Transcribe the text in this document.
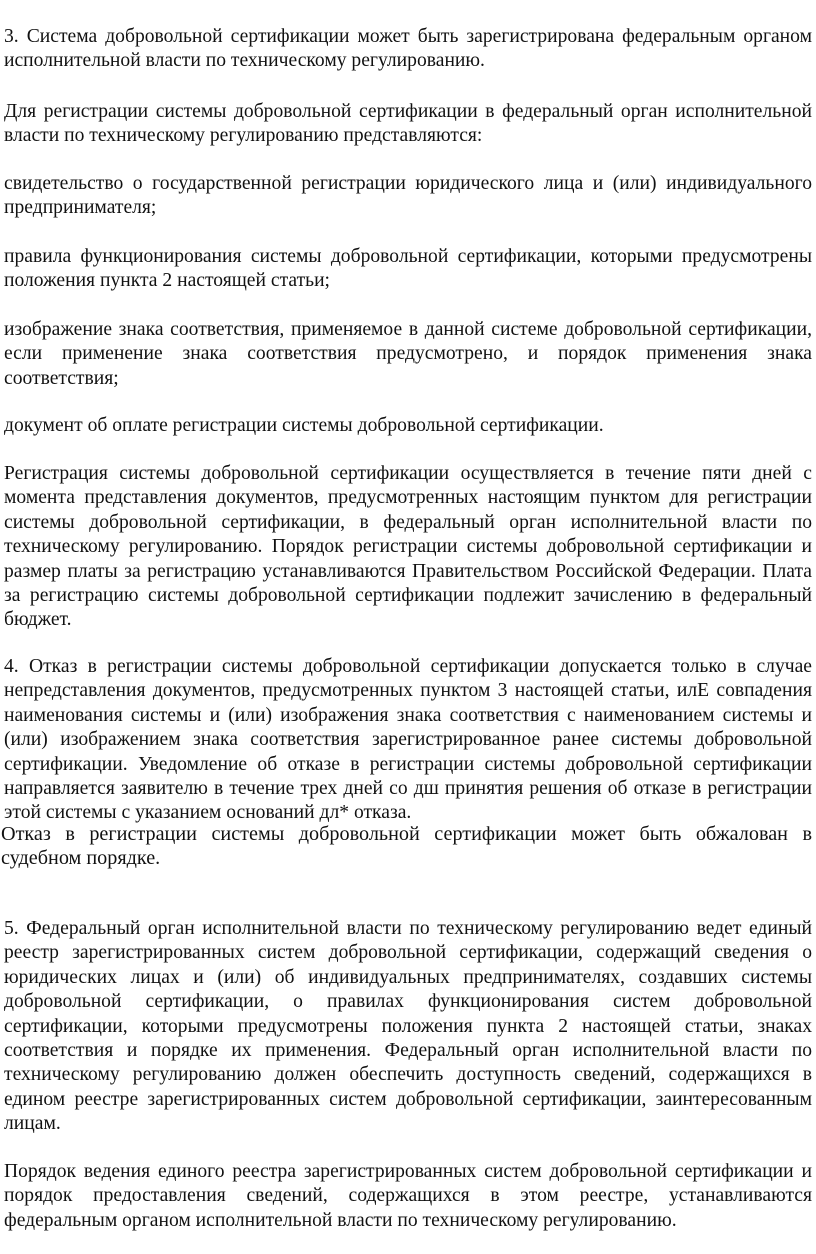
3. Система добровольной сертификации может быть зарегистрирована федеральным органом исполнительной власти по техническому регулированию.

Для регистрации системы добровольной сертификации в федеральный орган исполнительной власти по техническому регулированию представляются:

свидетельство о государственной регистрации юридического лица и (или) индивидуального предпринимателя;

правила функционирования системы добровольной сертификации, которыми предусмотрены положения пункта 2 настоящей статьи;

изображение знака соответствия, применяемое в данной системе добровольной сертификации, если применение знака соответствия предусмотрено, и порядок применения знака соответствия;

документ об оплате регистрации системы добровольной сертификации.

Регистрация системы добровольной сертификации осуществляется в течение пяти дней с момента представления документов, предусмотренных настоящим пунктом для регистрации системы добровольной сертификации, в федеральный орган исполнительной власти по техническому регулированию. Порядок регистрации системы добровольной сертификации и размер платы за регистрацию устанавливаются Правительством Российской Федерации. Плата за регистрацию системы добровольной сертификации подлежит зачислению в федеральный бюджет.

4. Отказ в регистрации системы добровольной сертификации допускается только в случае непредставления документов, предусмотренных пунктом 3 настоящей статьи, илЕ совпадения наименования системы и (или) изображения знака соответствия с наименованием системы и (или) изображением знака соответствия зарегистрированное ранее системы добровольной сертификации. Уведомление об отказе в регистрации системы добровольной сертификации направляется заявителю в течение трех дней со дш принятия решения об отказе в регистрации этой системы с указанием оснований дл* отказа.

Отказ в регистрации системы добровольной сертификации может быть обжалован в судебном порядке.

5. Федеральный орган исполнительной власти по техническому регулированию ведет единый реестр зарегистрированных систем добровольной сертификации, содержащий сведения о юридических лицах и (или) об индивидуальных предпринимателях, создавших системы добровольной сертификации, о правилах функционирования систем добровольной сертификации, которыми предусмотрены положения пункта 2 настоящей статьи, знаках соответствия и порядке их применения. Федеральный орган исполнительной власти по техническому регулированию должен обеспечить доступность сведений, содержащихся в едином реестре зарегистрированных систем добровольной сертификации, заинтересованным лицам.

Порядок ведения единого реестра зарегистрированных систем добровольной сертификации и порядок предоставления сведений, содержащихся в этом реестре, устанавливаются федеральным органом исполнительной власти по техническому регулированию.
